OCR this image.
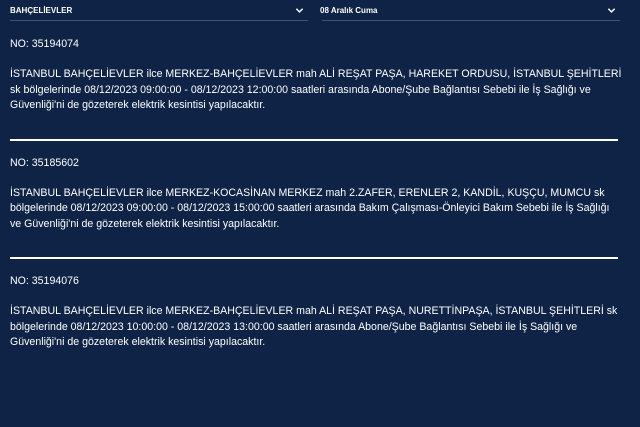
BAHÇELİEVLER	08 Aralık Cuma
NO: 35194074
İSTANBUL BAHÇELİEVLER ilce MERKEZ-BAHÇELİEVLER mah ALİ REŞAT PAŞA, HAREKET ORDUSU, İSTANBUL ŞEHİTLERİ sk bölgelerinde 08/12/2023 09:00:00 - 08/12/2023 12:00:00 saatleri arasında Abone/Şube Bağlantısı Sebebi ile İş Sağlığı ve Güvenliği'ni de gözeterek elektrik kesintisi yapılacaktır.
NO: 35185602
İSTANBUL BAHÇELİEVLER ilce MERKEZ-KOCASİNAN MERKEZ mah 2.ZAFER, ERENLER 2, KANDİL, KUŞÇU, MUMCU sk bölgelerinde 08/12/2023 09:00:00 - 08/12/2023 15:00:00 saatleri arasında Bakım Çalışması-Önleyici Bakım Sebebi ile İş Sağlığı ve Güvenliği'ni de gözeterek elektrik kesintisi yapılacaktır.
NO: 35194076
İSTANBUL BAHÇELİEVLER ilce MERKEZ-BAHÇELİEVLER mah ALİ REŞAT PAŞA, NURETTİNPAŞA, İSTANBUL ŞEHİTLERİ sk bölgelerinde 08/12/2023 10:00:00 - 08/12/2023 13:00:00 saatleri arasında Abone/Şube Bağlantısı Sebebi ile İş Sağlığı ve Güvenliği'ni de gözeterek elektrik kesintisi yapılacaktır.
